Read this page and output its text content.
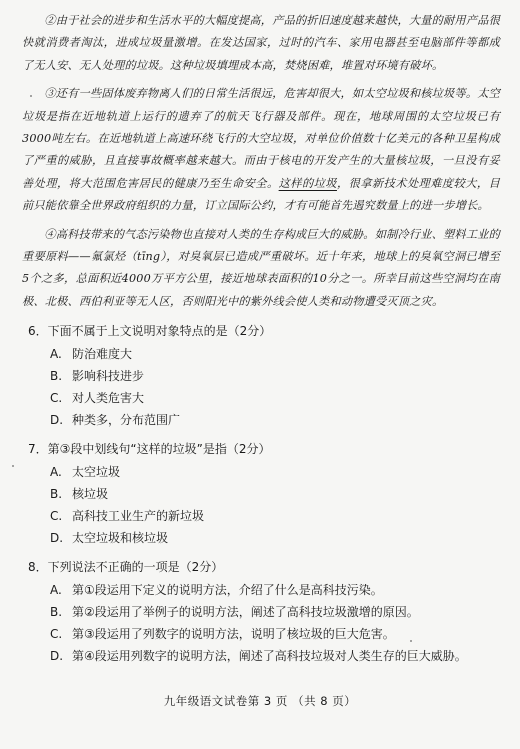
②由于社会的进步和生活水平的大幅度提高，产品的折旧速度越来越快，大量的耐用产品很快就消费者淘汰，进成垃圾量激增。在发达国家，过时的汽车、家用电器甚至电脑部件等都成了无人安、无人处理的垃圾。这种垃圾填埋成本高，焚烧困难，堆置对环境有破坏。

③还有一些固体废弃物离人们的日常生活很远，危害却很大，如太空垃圾和核垃圾等。太空垃圾是指在近地轨道上运行的遗弃了的航天飞行器及部件。现在，地球周围的太空垃圾已有3000吨左右。在近地轨道上高速环绕飞行的大空垃圾，对单位价值数十亿美元的各种卫星构成了严重的威胁，且直接事故概率越来越大。而由于核电的开发产生的大量核垃圾，一旦没有妥善处理，将大范围危害居民的健康乃至生命安全。这样的垃圾，很拿新技术处理难度较大，目前只能依靠全世界政府组织的力量，订立国际公约，才有可能首先遏究数量上的进一步增长。

④高科技带来的气态污染物也直接对人类的生存构成巨大的威胁。如制冷行业、塑料工业的重要原料——氟氯烃（tīng），对臭氧层已造成严重破坏。近十年来，地球上的臭氧空洞已增至5个之多，总面积近4000万平方公里，接近地球表面积的10分之一。所幸目前这些空洞均在南极、北极、西伯利亚等无人区，否则阳光中的紫外线会使人类和动物遭受灭顶之灾。

6．下面不属于上文说明对象特点的是（2分）
A. 防治难度大
B. 影响科技进步
C. 对人类危害大
D. 种类多，分布范围广
7．第③段中划线句“这样的垃圾”是指（2分）
A. 太空垃圾
B. 核垃圾
C. 高科技工业生产的新垃圾
D. 太空垃圾和核垃圾
8．下列说法不正确的一项是（2分）
A. 第①段运用下定义的说明方法，介绍了什么是高科技污染。
B. 第②段运用了举例子的说明方法，阐述了高科技垃圾激增的原因。
C. 第③段运用了列数字的说明方法，说明了核垃圾的巨大危害。
D. 第④段运用列数字的说明方法，阐述了高科技垃圾对人类生存的巨大威胁。
九年级语文试卷第 3 页 （共 8 页）
